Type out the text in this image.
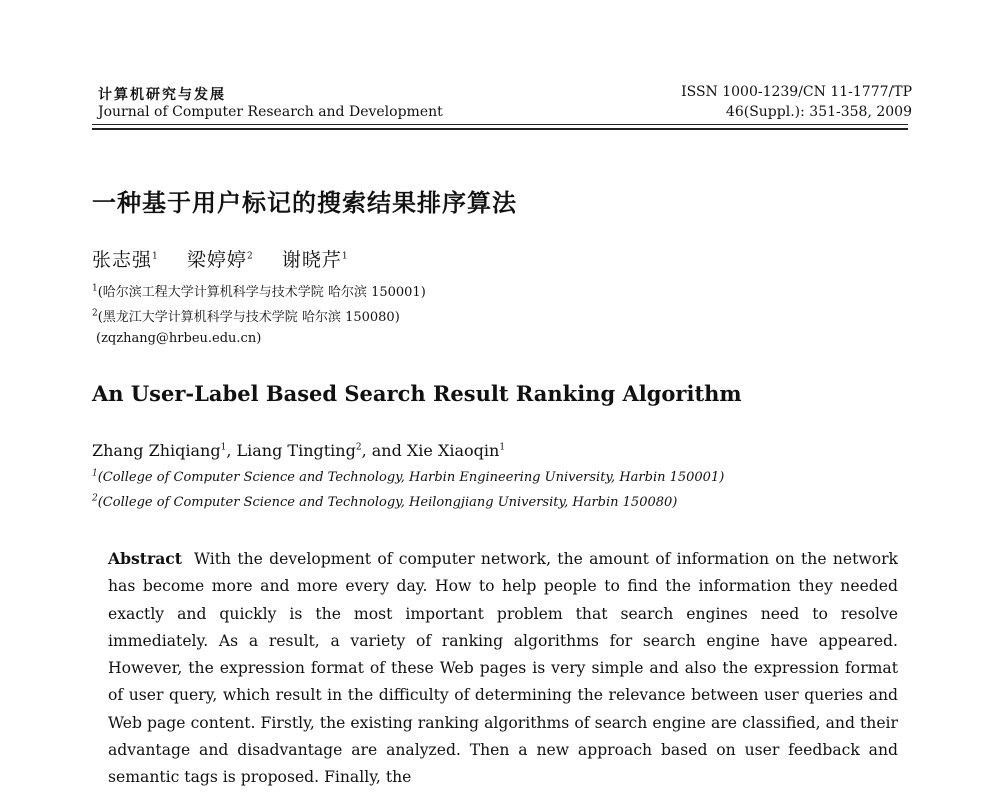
计算机研究与发展
Journal of Computer Research and Development
ISSN 1000-1239/CN 11-1777/TP
46(Suppl.): 351-358, 2009
一种基于用户标记的搜索结果排序算法
张志强$^1$ 梁婷婷$^2$ 谢晓芹$^1$
$^1$(哈尔滨工程大学计算机科学与技术学院 哈尔滨 150001)
$^2$(黑龙江大学计算机科学与技术学院 哈尔滨 150080)
(zqzhang@hrbeu.edu.cn)
An User-Label Based Search Result Ranking Algorithm
Zhang Zhiqiang$^1$, Liang Tingting$^2$, and Xie Xiaoqin$^1$
$^1$(College of Computer Science and Technology, Harbin Engineering University, Harbin 150001)
$^2$(College of Computer Science and Technology, Heilongjiang University, Harbin 150080)
Abstract With the development of computer network, the amount of information on the network has become more and more every day. How to help people to find the information they needed exactly and quickly is the most important problem that search engines need to resolve immediately. As a result, a variety of ranking algorithms for search engine have appeared. However, the expression format of these Web pages is very simple and also the expression format of user query, which result in the difficulty of determining the relevance between user queries and Web page content. Firstly, the existing ranking algorithms of search engine are classified, and their advantage and disadvantage are analyzed. Then a new approach based on user feedback and semantic tags is proposed. Finally, the
